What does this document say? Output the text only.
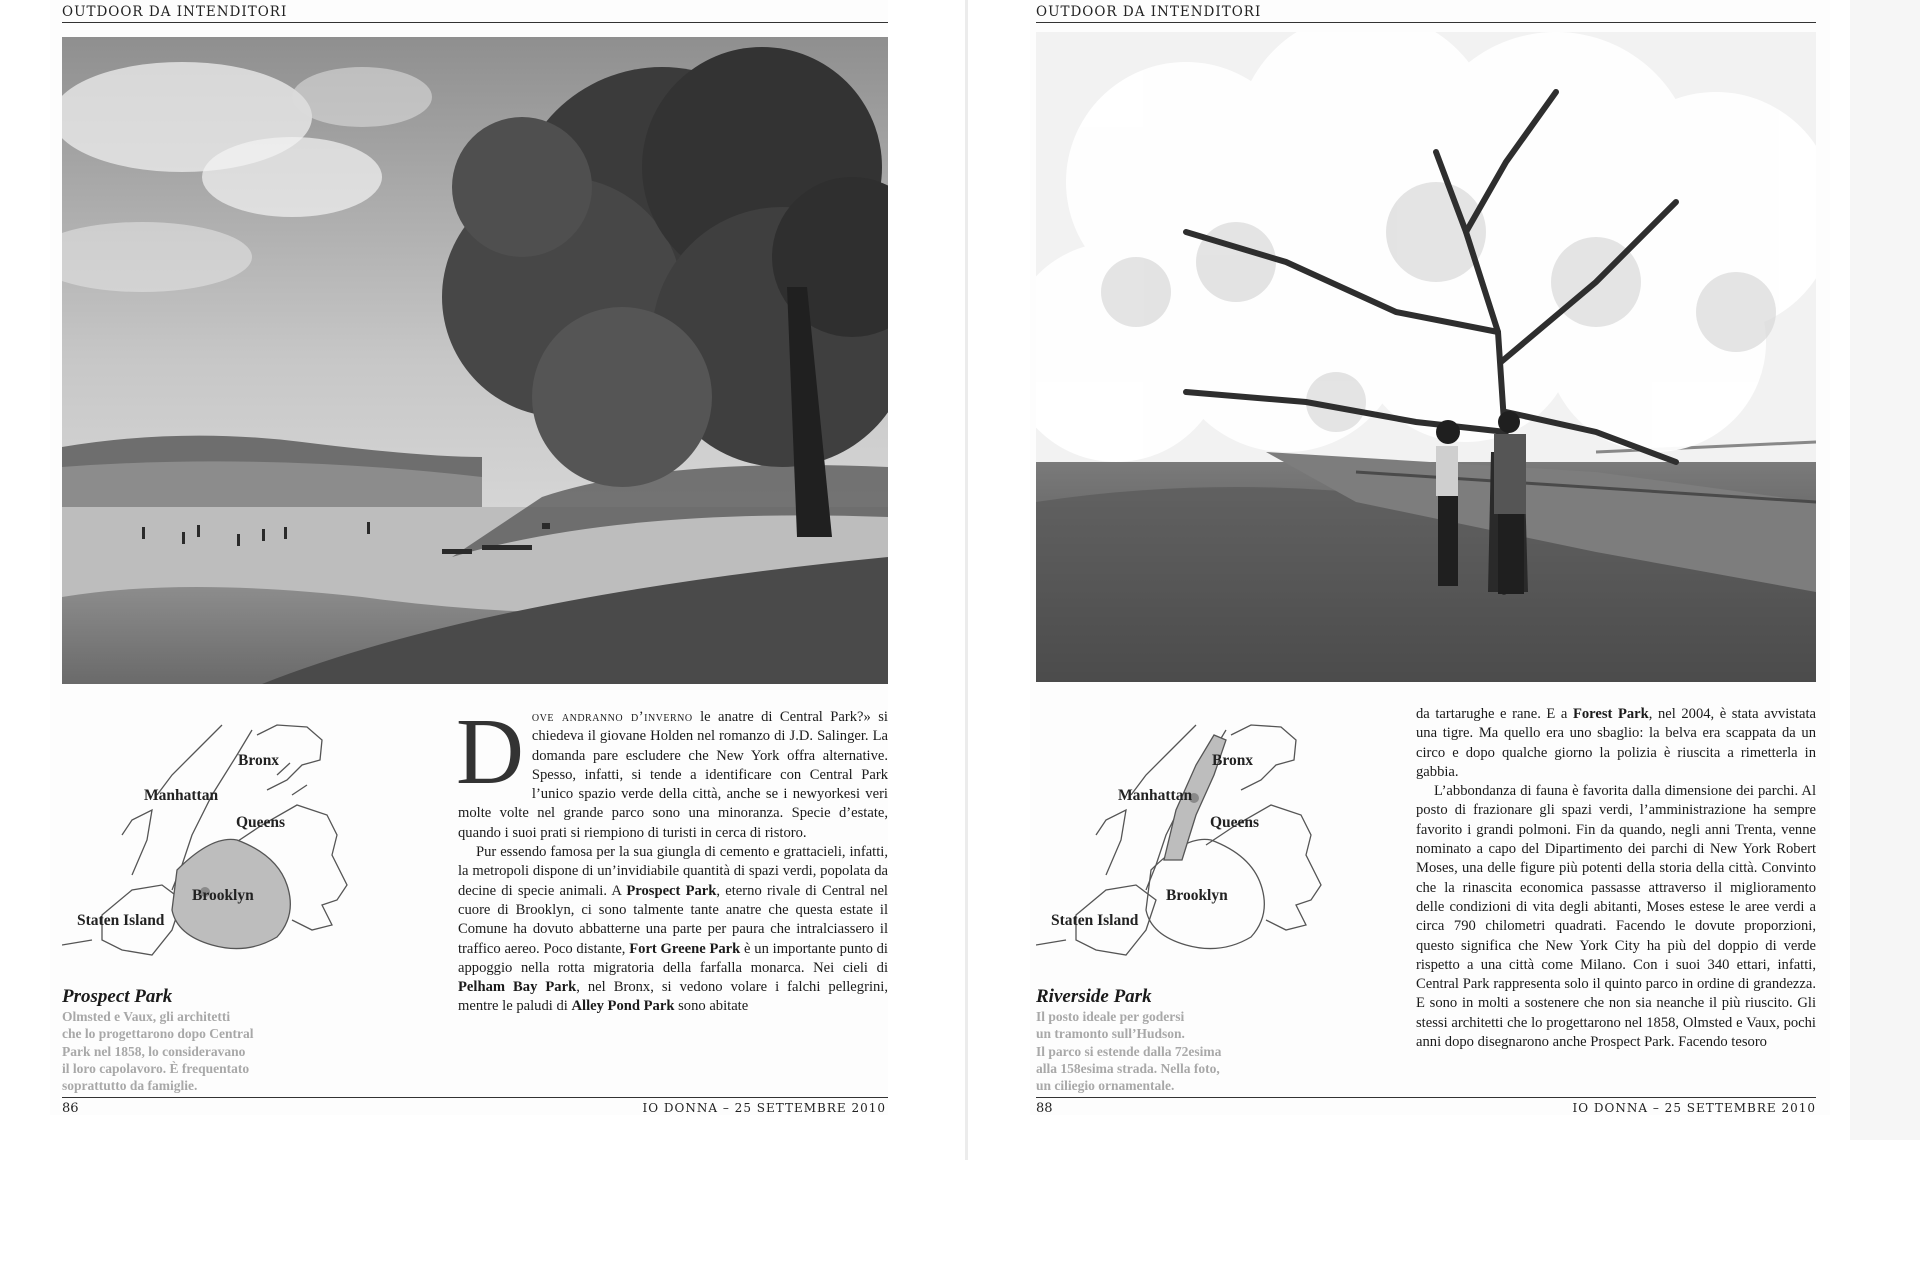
OUTDOOR DA INTENDITORI
Bronx
Manhattan
Queens
Brooklyn
Staten Island
Prospect Park
Olmsted e Vaux, gli architetti
che lo progettarono dopo Central
Park nel 1858, lo consideravano
il loro capolavoro. È frequentato
soprattutto da famiglie.

Dove andranno d’inverno le anatre di Central Park?» si chiedeva il giovane Holden nel romanzo di J.D. Salinger. La domanda pare escludere che New York offra alternative. Spesso, infatti, si tende a identificare con Central Park l’unico spazio verde della città, anche se i newyorkesi veri molte volte nel grande parco sono una minoranza. Specie d’estate, quando i suoi prati si riempiono di turisti in cerca di ristoro.

Pur essendo famosa per la sua giungla di cemento e grattacieli, infatti, la metropoli dispone di un’invidiabile quantità di spazi verdi, popolata da decine di specie animali. A Prospect Park, eterno rivale di Central nel cuore di Brooklyn, ci sono talmente tante anatre che questa estate il Comune ha dovuto abbatterne una parte per paura che intralciassero il traffico aereo. Poco distante, Fort Greene Park è un importante punto di appoggio nella rotta migratoria della farfalla monarca. Nei cieli di Pelham Bay Park, nel Bronx, si vedono volare i falchi pellegrini, mentre le paludi di Alley Pond Park sono abitate

86	IO DONNA – 25 SETTEMBRE 2010
OUTDOOR DA INTENDITORI
Bronx
Manhattan
Queens
Brooklyn
Staten Island
Riverside Park
Il posto ideale per godersi
un tramonto sull’Hudson.
Il parco si estende dalla 72esima
alla 158esima strada. Nella foto,
un ciliegio ornamentale.

da tartarughe e rane. E a Forest Park, nel 2004, è stata avvistata una tigre. Ma quello era uno sbaglio: la belva era scappata da un circo e dopo qualche giorno la polizia è riuscita a rimetterla in gabbia.

L’abbondanza di fauna è favorita dalla dimensione dei parchi. Al posto di frazionare gli spazi verdi, l’amministrazione ha sempre favorito i grandi polmoni. Fin da quando, negli anni Trenta, venne nominato a capo del Dipartimento dei parchi di New York Robert Moses, una delle figure più potenti della storia della città. Convinto che la rinascita economica passasse attraverso il miglioramento delle condizioni di vita degli abitanti, Moses estese le aree verdi a circa 790 chilometri quadrati. Facendo le dovute proporzioni, questo significa che New York City ha più del doppio di verde rispetto a una città come Milano. Con i suoi 340 ettari, infatti, Central Park rappresenta solo il quinto parco in ordine di grandezza. E sono in molti a sostenere che non sia neanche il più riuscito. Gli stessi architetti che lo progettarono nel 1858, Olmsted e Vaux, pochi anni dopo disegnarono anche Prospect Park. Facendo tesoro

88	IO DONNA – 25 SETTEMBRE 2010
